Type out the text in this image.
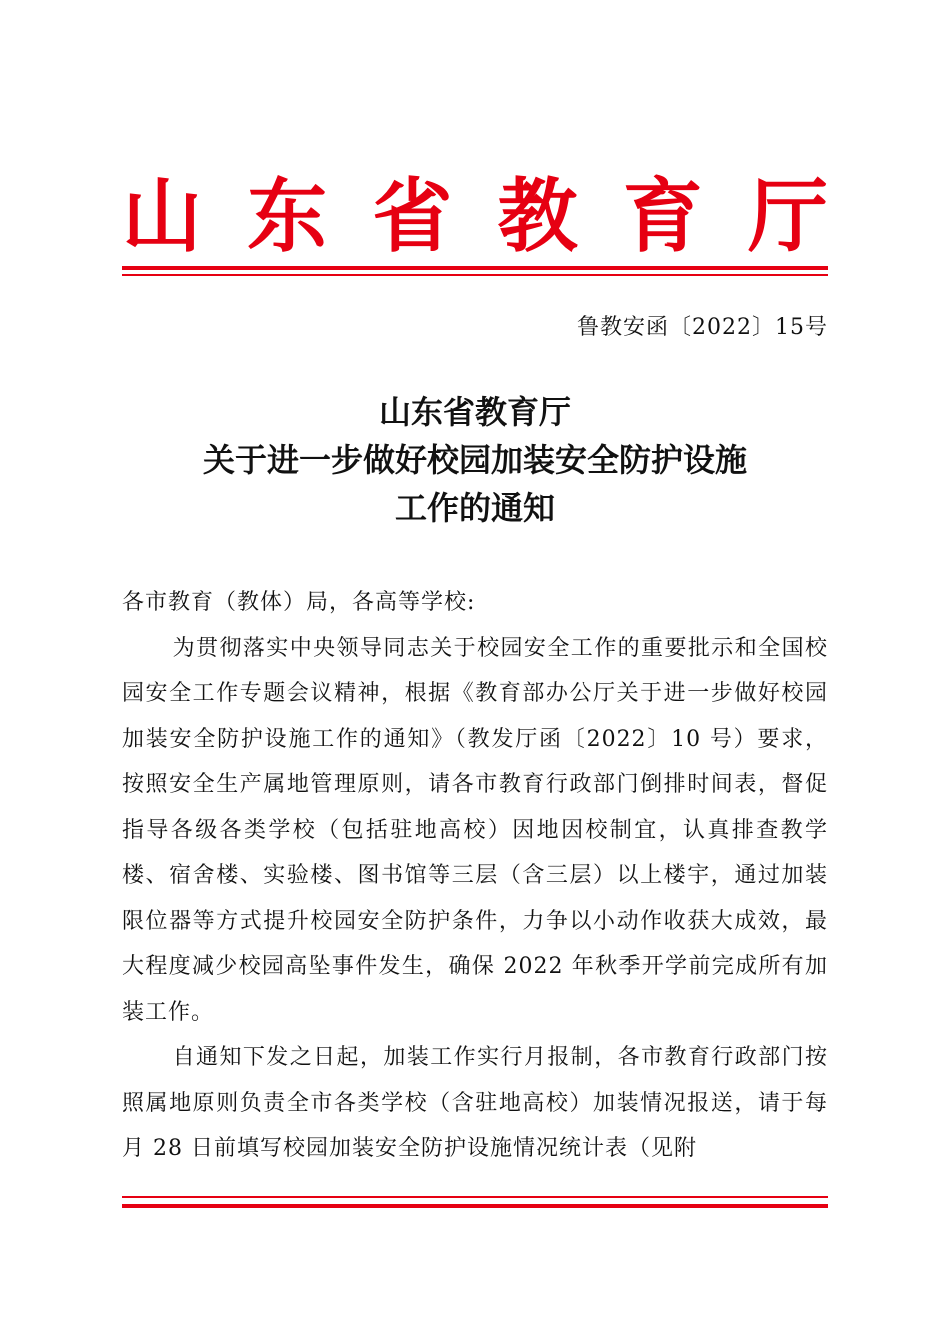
山 东 省 教 育 厅
鲁教安函〔2022〕15号
山东省教育厅
关于进一步做好校园加装安全防护设施
工作的通知

各市教育（教体）局，各高等学校:

为贯彻落实中央领导同志关于校园安全工作的重要批示和全国校园安全工作专题会议精神，根据《教育部办公厅关于进一步做好校园加装安全防护设施工作的通知》（教发厅函〔2022〕10 号）要求，按照安全生产属地管理原则，请各市教育行政部门倒排时间表，督促指导各级各类学校（包括驻地高校）因地因校制宜，认真排查教学楼、宿舍楼、实验楼、图书馆等三层（含三层）以上楼宇，通过加装限位器等方式提升校园安全防护条件，力争以小动作收获大成效，最大程度减少校园高坠事件发生，确保 2022 年秋季开学前完成所有加装工作。

自通知下发之日起，加装工作实行月报制，各市教育行政部门按照属地原则负责全市各类学校（含驻地高校）加装情况报送，请于每月 28 日前填写校园加装安全防护设施情况统计表（见附
